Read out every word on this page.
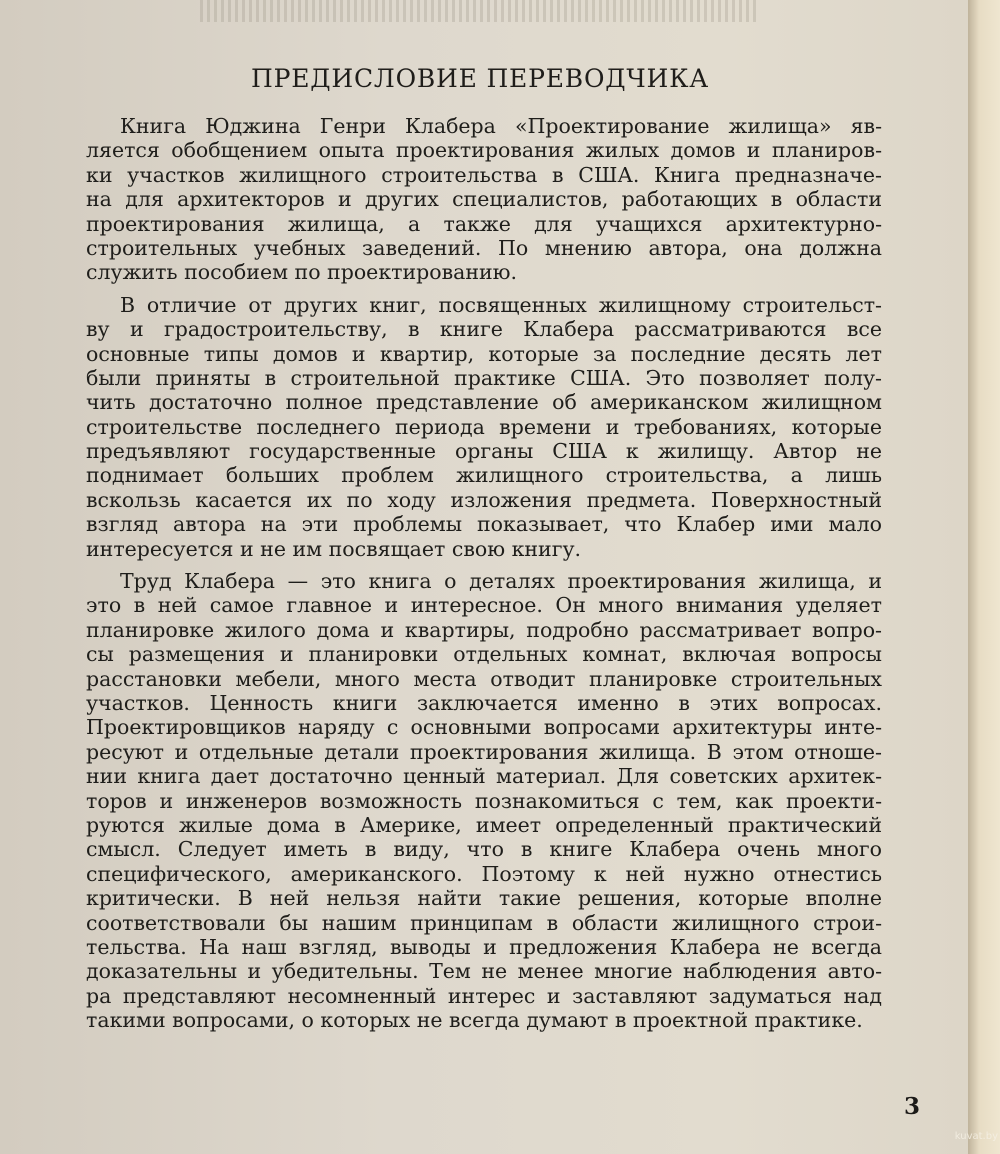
ПРЕДИСЛОВИЕ ПЕРЕВОДЧИКА
Книга Юджина Генри Клабера «Проектирование жилища» яв-
ляется обобщением опыта проектирования жилых домов и планиров-
ки участков жилищного строительства в США. Книга предназначе-
на для архитекторов и других специалистов, работающих в области
проектирования жилища, а также для учащихся архитектурно-
строительных учебных заведений. По мнению автора, она должна
служить пособием по проектированию.
В отличие от других книг, посвященных жилищному строительст-
ву и градостроительству, в книге Клабера рассматриваются все
основные типы домов и квартир, которые за последние десять лет
были приняты в строительной практике США. Это позволяет полу-
чить достаточно полное представление об американском жилищном
строительстве последнего периода времени и требованиях, которые
предъявляют государственные органы США к жилищу. Автор не
поднимает больших проблем жилищного строительства, а лишь
вскользь касается их по ходу изложения предмета. Поверхностный
взгляд автора на эти проблемы показывает, что Клабер ими мало
интересуется и не им посвящает свою книгу.
Труд Клабера — это книга о деталях проектирования жилища, и
это в ней самое главное и интересное. Он много внимания уделяет
планировке жилого дома и квартиры, подробно рассматривает вопро-
сы размещения и планировки отдельных комнат, включая вопросы
расстановки мебели, много места отводит планировке строительных
участков. Ценность книги заключается именно в этих вопросах.
Проектировщиков наряду с основными вопросами архитектуры инте-
ресуют и отдельные детали проектирования жилища. В этом отноше-
нии книга дает достаточно ценный материал. Для советских архитек-
торов и инженеров возможность познакомиться с тем, как проекти-
руются жилые дома в Америке, имеет определенный практический
смысл. Следует иметь в виду, что в книге Клабера очень много
специфического, американского. Поэтому к ней нужно отнестись
критически. В ней нельзя найти такие решения, которые вполне
соответствовали бы нашим принципам в области жилищного строи-
тельства. На наш взгляд, выводы и предложения Клабера не всегда
доказательны и убедительны. Тем не менее многие наблюдения авто-
ра представляют несомненный интерес и заставляют задуматься над
такими вопросами, о которых не всегда думают в проектной практике.
3
kuvat.by
